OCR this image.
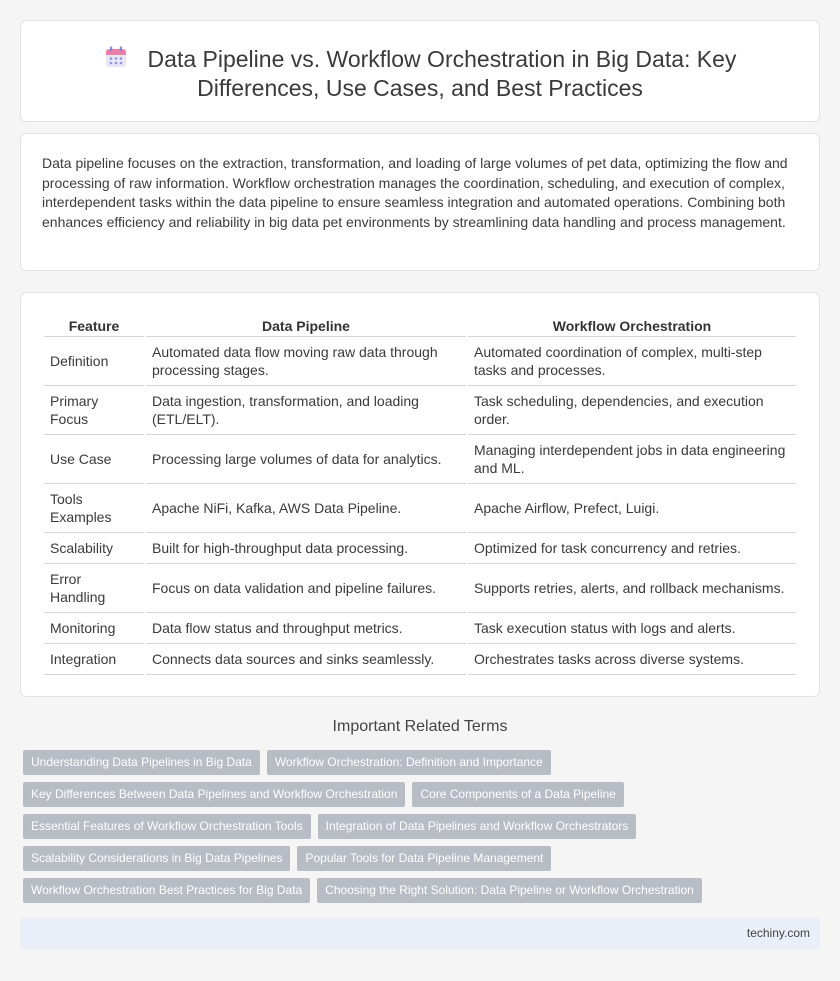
Data Pipeline vs. Workflow Orchestration in Big Data: Key Differences, Use Cases, and Best Practices

Data pipeline focuses on the extraction, transformation, and loading of large volumes of pet data, optimizing the flow and processing of raw information. Workflow orchestration manages the coordination, scheduling, and execution of complex, interdependent tasks within the data pipeline to ensure seamless integration and automated operations. Combining both enhances efficiency and reliability in big data pet environments by streamlining data handling and process management.

Feature	Data Pipeline	Workflow Orchestration
Definition	Automated data flow moving raw data through processing stages.	Automated coordination of complex, multi-step tasks and processes.
Primary Focus	Data ingestion, transformation, and loading (ETL/ELT).	Task scheduling, dependencies, and execution order.
Use Case	Processing large volumes of data for analytics.	Managing interdependent jobs in data engineering and ML.
Tools Examples	Apache NiFi, Kafka, AWS Data Pipeline.	Apache Airflow, Prefect, Luigi.
Scalability	Built for high-throughput data processing.	Optimized for task concurrency and retries.
Error Handling	Focus on data validation and pipeline failures.	Supports retries, alerts, and rollback mechanisms.
Monitoring	Data flow status and throughput metrics.	Task execution status with logs and alerts.
Integration	Connects data sources and sinks seamlessly.	Orchestrates tasks across diverse systems.
Important Related Terms
Understanding Data Pipelines in Big Data	Workflow Orchestration: Definition and Importance
Key Differences Between Data Pipelines and Workflow Orchestration	Core Components of a Data Pipeline
Essential Features of Workflow Orchestration Tools	Integration of Data Pipelines and Workflow Orchestrators
Scalability Considerations in Big Data Pipelines	Popular Tools for Data Pipeline Management
Workflow Orchestration Best Practices for Big Data	Choosing the Right Solution: Data Pipeline or Workflow Orchestration
techiny.com
